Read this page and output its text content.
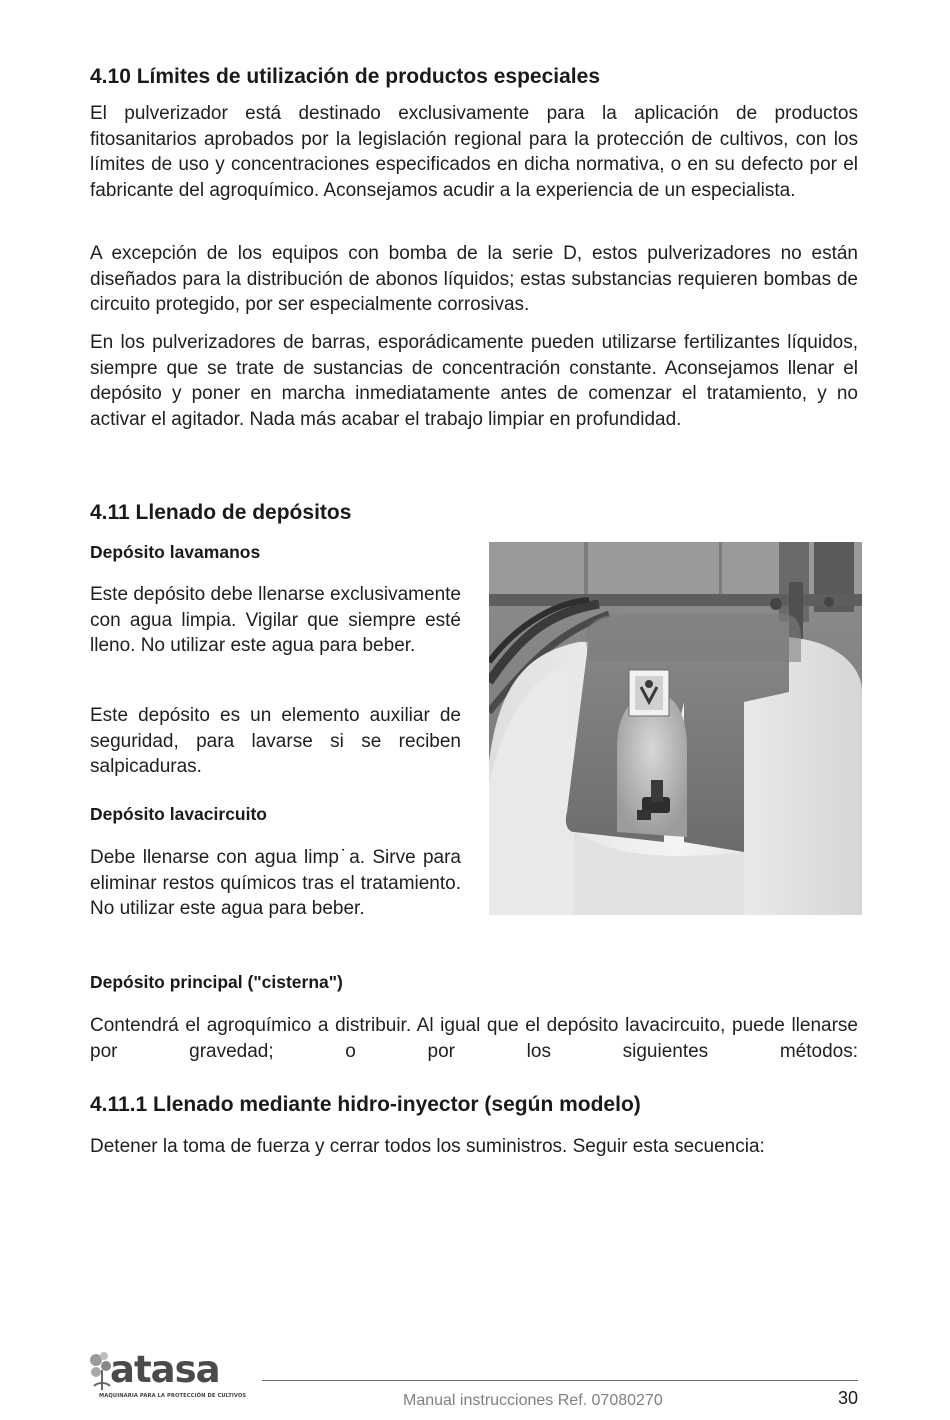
4.10 Límites de utilización de productos especiales

El pulverizador está destinado exclusivamente para la aplicación de productos fitosanitarios aprobados por la legislación regional para la protección de cultivos, con los límites de uso y concentraciones especificados en dicha normativa, o en su defecto por el fabricante del agroquímico. Aconsejamos acudir a la experiencia de un especialista.

A excepción de los equipos con bomba de la serie D, estos pulverizadores no están diseñados para la distribución de abonos líquidos; estas substancias requieren bombas de circuito protegido, por ser especialmente corrosivas.

En los pulverizadores de barras, esporádicamente pueden utilizarse fertilizantes líquidos, siempre que se trate de sustancias de concentración constante. Aconsejamos llenar el depósito y poner en marcha inmediatamente antes de comenzar el tratamiento, y no activar el agitador. Nada más acabar el trabajo limpiar en profundidad.

4.11 Llenado de depósitos
Depósito lavamanos

Este depósito debe llenarse exclusivamente con agua limpia. Vigilar que siempre esté lleno. No utilizar este agua para beber.

Este depósito es un elemento auxiliar de seguridad, para lavarse si se reciben salpicaduras.

Depósito lavacircuito

Debe llenarse con agua limp˙a. Sirve para eliminar restos químicos tras el tratamiento. No utilizar este agua para beber.

Depósito principal ("cisterna")

Contendrá el agroquímico a distribuir. Al igual que el depósito lavacircuito, puede llenarse por gravedad; o por los siguientes métodos:

4.11.1 Llenado mediante hidro-inyector (según modelo)

Detener la toma de fuerza y cerrar todos los suministros. Seguir esta secuencia:

atasa
MAQUINARIA PARA LA PROTECCIÓN DE CULTIVOS	Manual instrucciones Ref. 07080270	30
